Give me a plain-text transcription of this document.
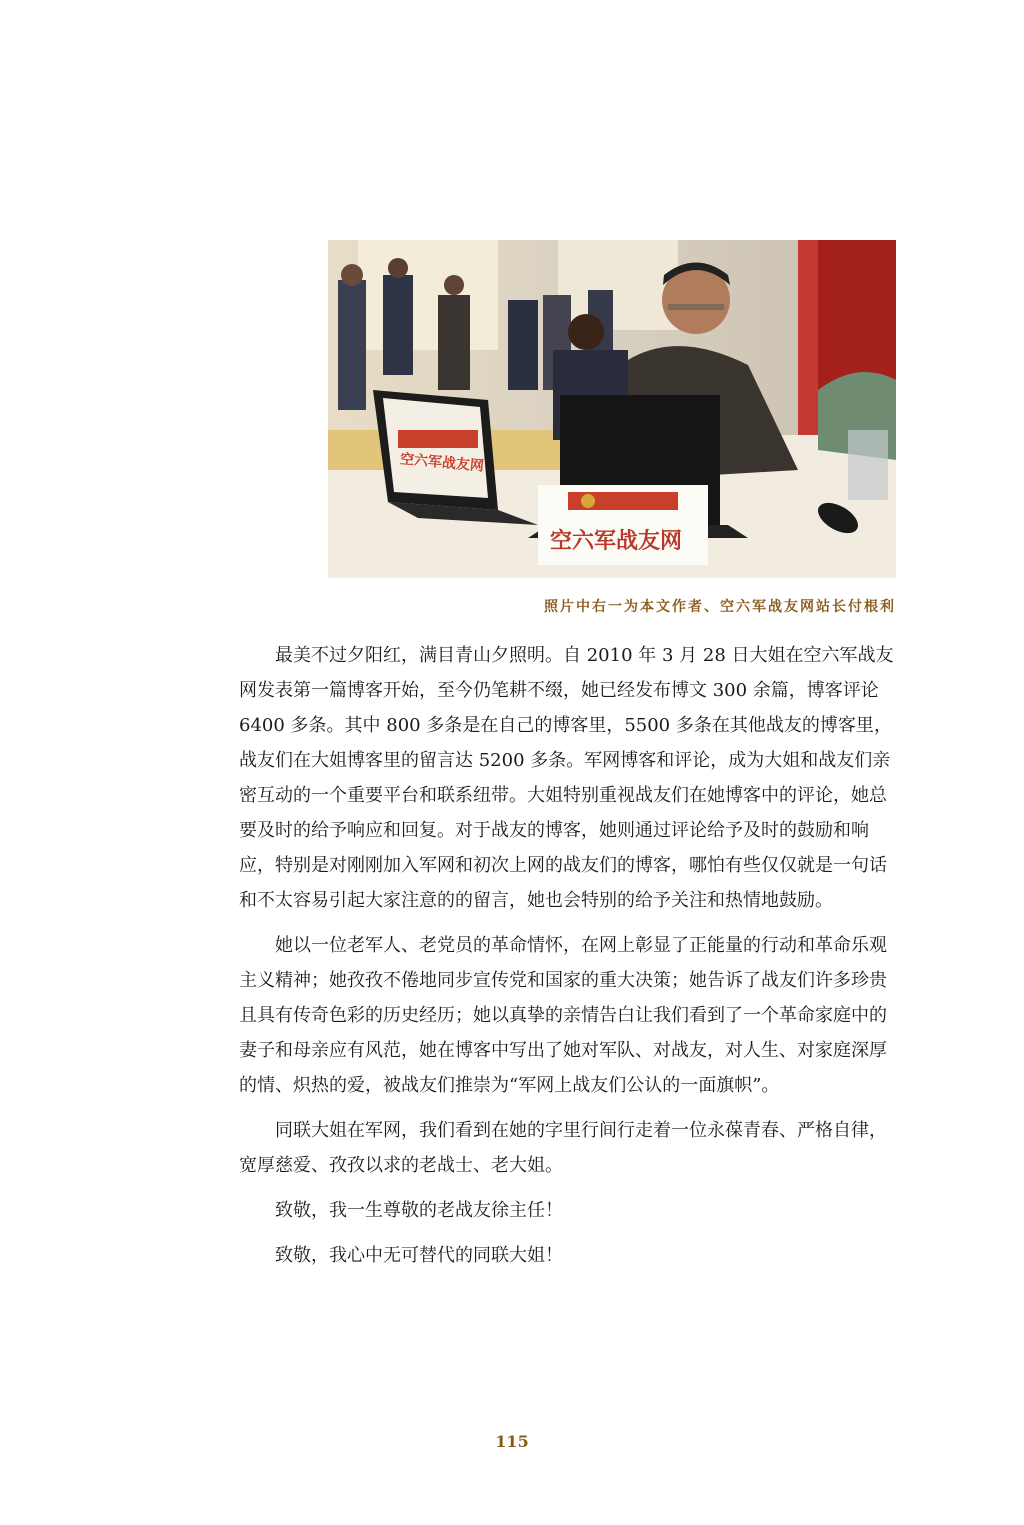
空六军战友网
空六军战友网
照片中右一为本文作者、空六军战友网站长付根利

最美不过夕阳红，满目青山夕照明。自 2010 年 3 月 28 日大姐在空六军战友网发表第一篇博客开始，至今仍笔耕不缀，她已经发布博文 300 余篇，博客评论 6400 多条。其中 800 多条是在自己的博客里，5500 多条在其他战友的博客里，战友们在大姐博客里的留言达 5200 多条。军网博客和评论，成为大姐和战友们亲密互动的一个重要平台和联系纽带。大姐特别重视战友们在她博客中的评论，她总要及时的给予响应和回复。对于战友的博客，她则通过评论给予及时的鼓励和响应，特别是对刚刚加入军网和初次上网的战友们的博客，哪怕有些仅仅就是一句话和不太容易引起大家注意的的留言，她也会特别的给予关注和热情地鼓励。

她以一位老军人、老党员的革命情怀，在网上彰显了正能量的行动和革命乐观主义精神；她孜孜不倦地同步宣传党和国家的重大决策；她告诉了战友们许多珍贵且具有传奇色彩的历史经历；她以真挚的亲情告白让我们看到了一个革命家庭中的妻子和母亲应有风范，她在博客中写出了她对军队、对战友，对人生、对家庭深厚的情、炽热的爱，被战友们推崇为“军网上战友们公认的一面旗帜”。

同联大姐在军网，我们看到在她的字里行间行走着一位永葆青春、严格自律，宽厚慈爱、孜孜以求的老战士、老大姐。

致敬，我一生尊敬的老战友徐主任！

致敬，我心中无可替代的同联大姐！

115
